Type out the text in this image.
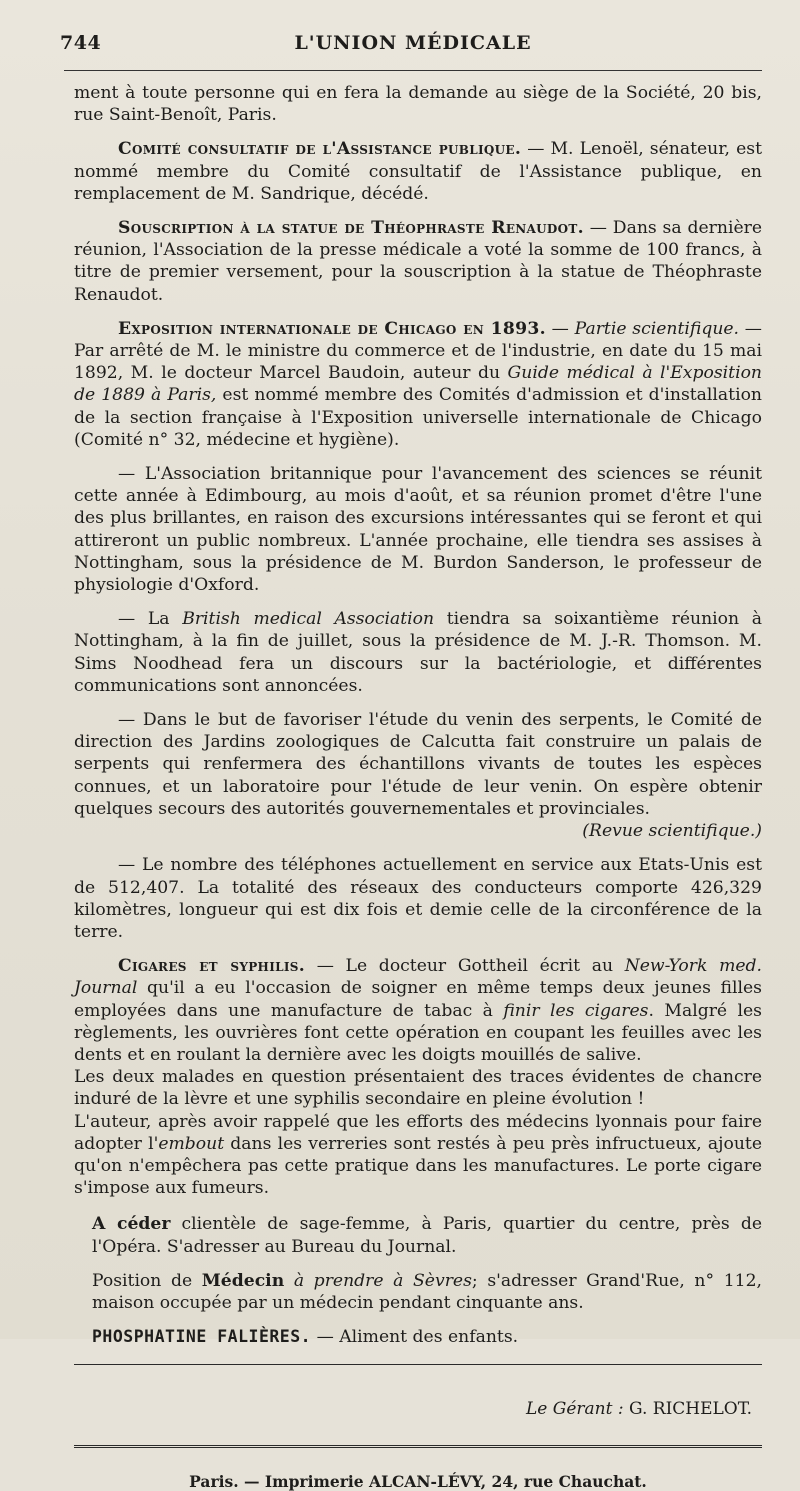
744	L'UNION MÉDICALE

ment à toute personne qui en fera la demande au siège de la Société, 20 bis, rue Saint-Benoît, Paris.

Comité consultatif de l'Assistance publique. — M. Lenoël, sénateur, est nommé membre du Comité consultatif de l'Assistance publique, en remplacement de M. Sandrique, décédé.

Souscription à la statue de Théophraste Renaudot. — Dans sa dernière réunion, l'Association de la presse médicale a voté la somme de 100 francs, à titre de premier versement, pour la souscription à la statue de Théophraste Renaudot.

Exposition internationale de Chicago en 1893. — Partie scientifique. — Par arrêté de M. le ministre du commerce et de l'industrie, en date du 15 mai 1892, M. le docteur Marcel Baudoin, auteur du Guide médical à l'Exposition de 1889 à Paris, est nommé membre des Comités d'admission et d'installation de la section française à l'Exposition universelle internationale de Chicago (Comité n° 32, médecine et hygiène).

— L'Association britannique pour l'avancement des sciences se réunit cette année à Edimbourg, au mois d'août, et sa réunion promet d'être l'une des plus brillantes, en raison des excursions intéressantes qui se feront et qui attireront un public nombreux. L'année prochaine, elle tiendra ses assises à Nottingham, sous la présidence de M. Burdon Sanderson, le professeur de physiologie d'Oxford.

— La British medical Association tiendra sa soixantième réunion à Nottingham, à la fin de juillet, sous la présidence de M. J.-R. Thomson. M. Sims Noodhead fera un discours sur la bactériologie, et différentes communications sont annoncées.

— Dans le but de favoriser l'étude du venin des serpents, le Comité de direction des Jardins zoologiques de Calcutta fait construire un palais de serpents qui renfermera des échantillons vivants de toutes les espèces connues, et un laboratoire pour l'étude de leur venin. On espère obtenir quelques secours des autorités gouvernementales et provinciales.

(Revue scientifique.)

— Le nombre des téléphones actuellement en service aux Etats-Unis est de 512,407. La totalité des réseaux des conducteurs comporte 426,329 kilomètres, longueur qui est dix fois et demie celle de la circonférence de la terre.

Cigares et syphilis. — Le docteur Gottheil écrit au New-York med. Journal qu'il a eu l'occasion de soigner en même temps deux jeunes filles employées dans une manufacture de tabac à finir les cigares. Malgré les règlements, les ouvrières font cette opération en coupant les feuilles avec les dents et en roulant la dernière avec les doigts mouillés de salive.

Les deux malades en question présentaient des traces évidentes de chancre induré de la lèvre et une syphilis secondaire en pleine évolution !

L'auteur, après avoir rappelé que les efforts des médecins lyonnais pour faire adopter l'embout dans les verreries sont restés à peu près infructueux, ajoute qu'on n'empêchera pas cette pratique dans les manufactures. Le porte cigare s'impose aux fumeurs.

A céder clientèle de sage-femme, à Paris, quartier du centre, près de l'Opéra. S'adresser au Bureau du Journal.

Position de Médecin à prendre à Sèvres; s'adresser Grand'Rue, n° 112, maison occupée par un médecin pendant cinquante ans.

PHOSPHATINE FALIÈRES. — Aliment des enfants.

Le Gérant : G. RICHELOT.
Paris. — Imprimerie ALCAN-LÉVY, 24, rue Chauchat.
